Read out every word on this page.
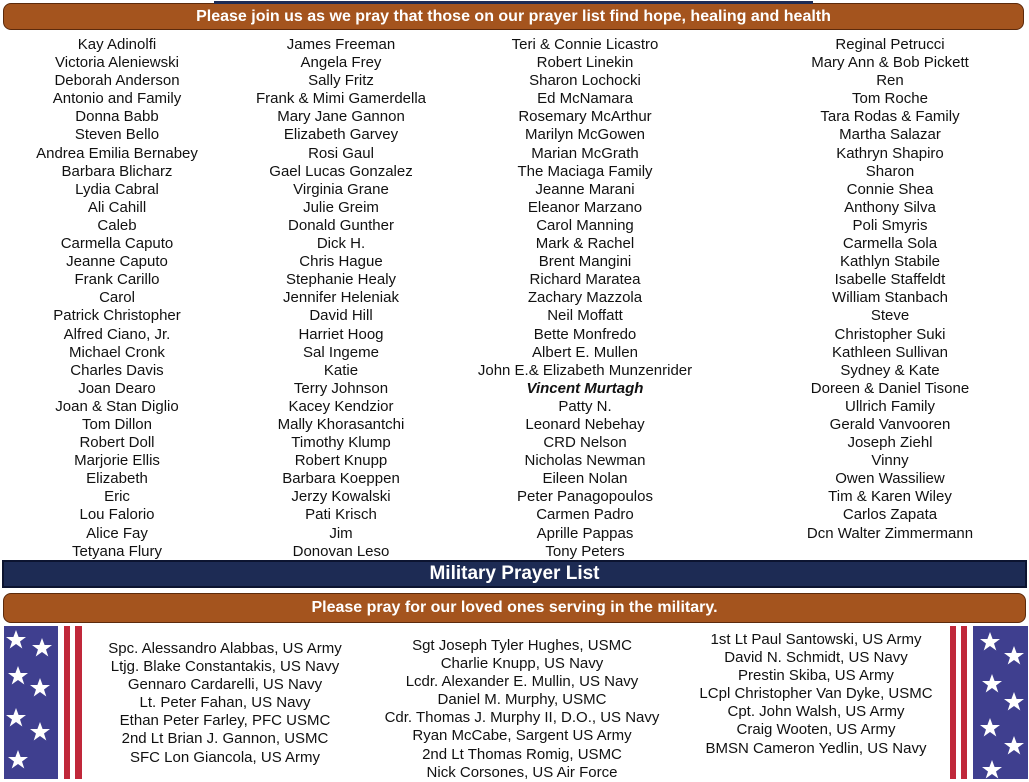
Please join us as we pray that those on our prayer list find hope, healing and health
Kay Adinolfi
Victoria Aleniewski
Deborah Anderson
Antonio and Family
Donna Babb
Steven Bello
Andrea Emilia Bernabey
Barbara Blicharz
Lydia Cabral
Ali Cahill
Caleb
Carmella Caputo
Jeanne Caputo
Frank Carillo
Carol
Patrick Christopher
Alfred Ciano, Jr.
Michael Cronk
Charles Davis
Joan Dearo
Joan & Stan Diglio
Tom Dillon
Robert Doll
Marjorie Ellis
Elizabeth
Eric
Lou Falorio
Alice Fay
Tetyana Flury
James Freeman
Angela Frey
Sally Fritz
Frank & Mimi Gamerdella
Mary Jane Gannon
Elizabeth Garvey
Rosi Gaul
Gael Lucas Gonzalez
Virginia Grane
Julie Greim
Donald Gunther
Dick H.
Chris Hague
Stephanie Healy
Jennifer Heleniak
David Hill
Harriet Hoog
Sal Ingeme
Katie
Terry Johnson
Kacey Kendzior
Mally Khorasantchi
Timothy Klump
Robert Knupp
Barbara Koeppen
Jerzy Kowalski
Pati Krisch
Jim
Donovan Leso
Teri & Connie Licastro
Robert Linekin
Sharon Lochocki
Ed McNamara
Rosemary McArthur
Marilyn McGowen
Marian McGrath
The Maciaga Family
Jeanne Marani
Eleanor Marzano
Carol Manning
Mark & Rachel
Brent Mangini
Richard Maratea
Zachary Mazzola
Neil Moffatt
Bette Monfredo
Albert E. Mullen
John E.& Elizabeth Munzenrider
Vincent Murtagh
Patty N.
Leonard Nebehay
CRD Nelson
Nicholas Newman
Eileen Nolan
Peter Panagopoulos
Carmen Padro
Aprille Pappas
Tony Peters
Reginal Petrucci
Mary Ann & Bob Pickett
Ren
Tom Roche
Tara Rodas & Family
Martha Salazar
Kathryn Shapiro
Sharon
Connie Shea
Anthony Silva
Poli Smyris
Carmella Sola
Kathlyn Stabile
Isabelle Staffeldt
William Stanbach
Steve
Christopher Suki
Kathleen Sullivan
Sydney & Kate
Doreen & Daniel Tisone
Ullrich Family
Gerald Vanvooren
Joseph Ziehl
Vinny
Owen Wassiliew
Tim & Karen Wiley
Carlos Zapata
Dcn Walter Zimmermann
Military Prayer List
Please pray for our loved ones serving in the military.
Spc. Alessandro Alabbas, US Army
Ltjg. Blake Constantakis, US Navy
Gennaro Cardarelli, US Navy
Lt. Peter Fahan, US Navy
Ethan Peter Farley, PFC USMC
2nd Lt Brian J. Gannon, USMC
SFC Lon Giancola, US Army
Sgt Joseph Tyler Hughes, USMC
Charlie Knupp, US Navy
Lcdr. Alexander E. Mullin, US Navy
Daniel M. Murphy, USMC
Cdr. Thomas J. Murphy II, D.O., US Navy
Ryan McCabe, Sargent US Army
2nd Lt Thomas Romig, USMC
Nick Corsones, US Air Force
1st Lt Paul Santowski, US Army
David N. Schmidt, US Navy
Prestin Skiba, US Army
LCpl Christopher Van Dyke, USMC
Cpt. John Walsh, US Army
Craig Wooten, US Army
BMSN Cameron Yedlin, US Navy
